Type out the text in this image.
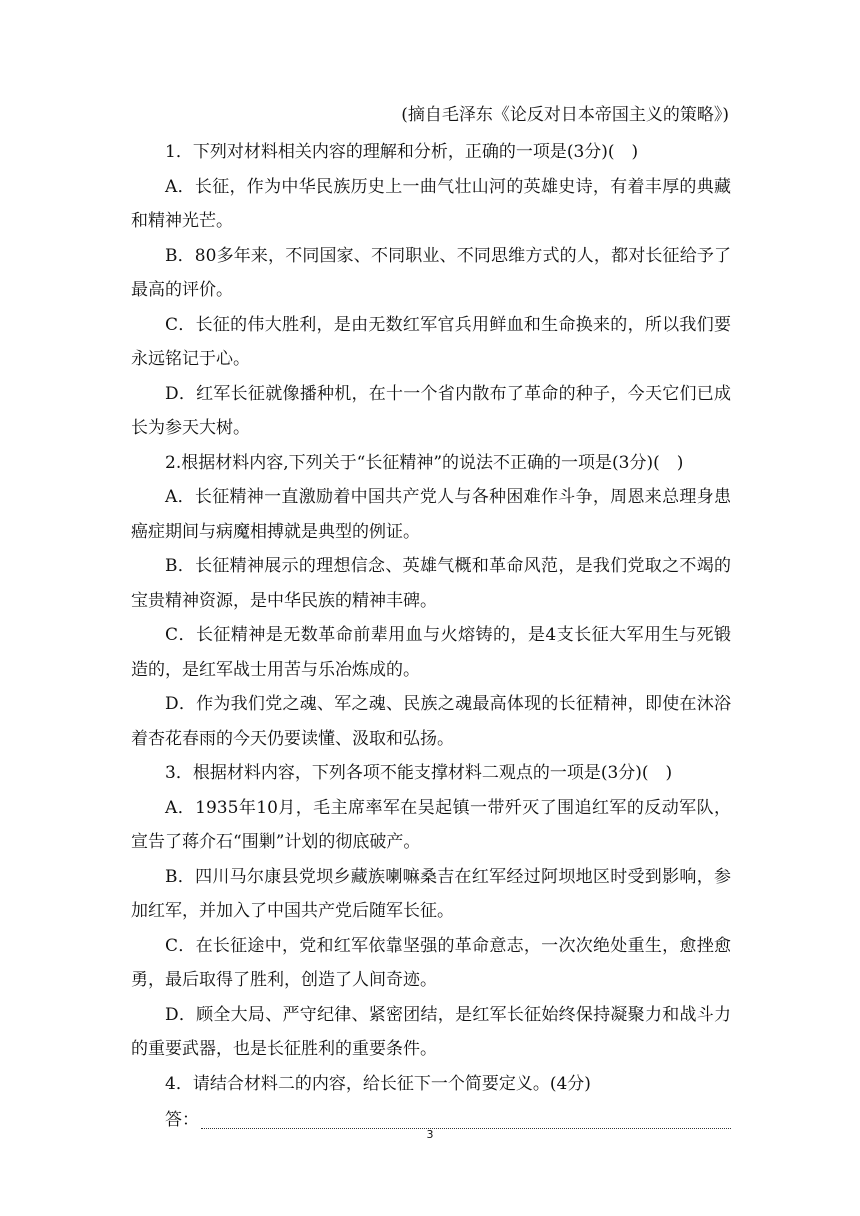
(摘自毛泽东《论反对日本帝国主义的策略》)

1．下列对材料相关内容的理解和分析，正确的一项是(3分)(　)

A．长征，作为中华民族历史上一曲气壮山河的英雄史诗，有着丰厚的典藏和精神光芒。

B．80多年来，不同国家、不同职业、不同思维方式的人，都对长征给予了最高的评价。

C．长征的伟大胜利，是由无数红军官兵用鲜血和生命换来的，所以我们要永远铭记于心。

D．红军长征就像播种机，在十一个省内散布了革命的种子，今天它们已成长为参天大树。

2.根据材料内容,下列关于“长征精神”的说法不正确的一项是(3分)(　)

A．长征精神一直激励着中国共产党人与各种困难作斗争，周恩来总理身患癌症期间与病魔相搏就是典型的例证。

B．长征精神展示的理想信念、英雄气概和革命风范，是我们党取之不竭的宝贵精神资源，是中华民族的精神丰碑。

C．长征精神是无数革命前辈用血与火熔铸的，是4支长征大军用生与死锻造的，是红军战士用苦与乐冶炼成的。

D．作为我们党之魂、军之魂、民族之魂最高体现的长征精神，即使在沐浴着杏花春雨的今天仍要读懂、汲取和弘扬。

3．根据材料内容，下列各项不能支撑材料二观点的一项是(3分)(　)

A．1935年10月，毛主席率军在吴起镇一带歼灭了围追红军的反动军队，宣告了蒋介石“围剿”计划的彻底破产。

B．四川马尔康县党坝乡藏族喇嘛桑吉在红军经过阿坝地区时受到影响，参加红军，并加入了中国共产党后随军长征。

C．在长征途中，党和红军依靠坚强的革命意志，一次次绝处重生，愈挫愈勇，最后取得了胜利，创造了人间奇迹。

D．顾全大局、严守纪律、紧密团结，是红军长征始终保持凝聚力和战斗力的重要武器，也是长征胜利的重要条件。

4．请结合材料二的内容，给长征下一个简要定义。(4分)

答：
3
